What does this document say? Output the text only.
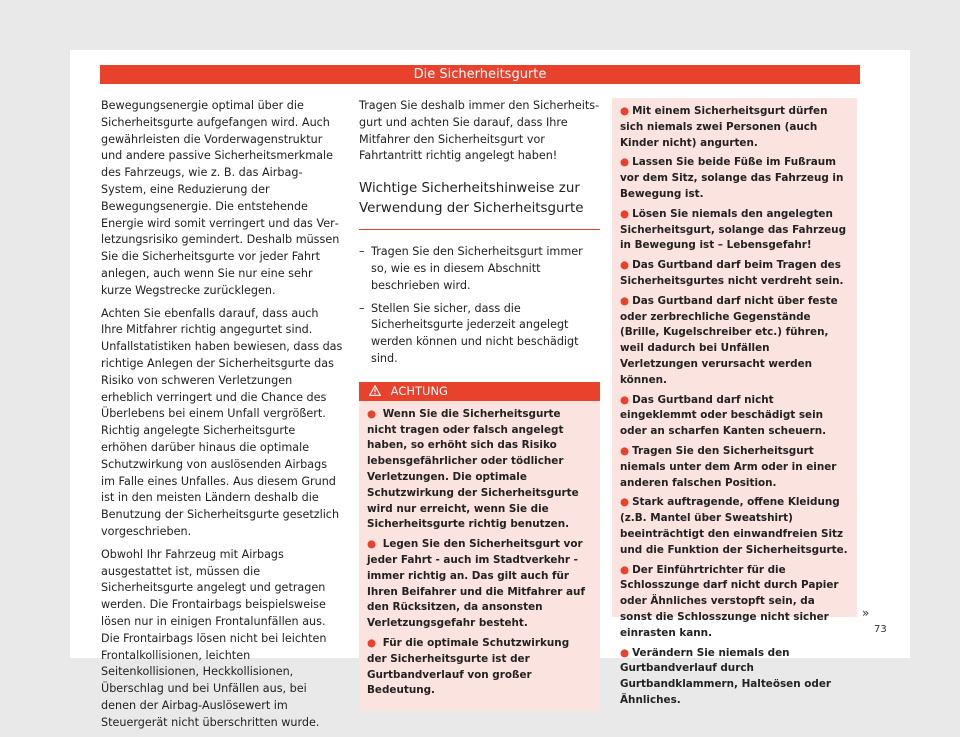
Die Sicherheitsgurte

Bewegungsenergie optimal über die Sicherheitsgurte aufgefangen wird. Auch gewährleisten die Vorderwagenstruktur und andere passive Sicherheitsmerkmale des Fahrzeugs, wie z. B. das Airbag-System, eine Reduzierung der Bewegungsenergie. Die entstehende Energie wird somit verringert und das Verletzungsrisiko gemindert. Deshalb müssen Sie die Sicherheitsgurte vor jeder Fahrt anlegen, auch wenn Sie nur eine sehr kurze Wegstrecke zurücklegen.

Achten Sie ebenfalls darauf, dass auch Ihre Mitfahrer richtig angegurtet sind. Unfallstatistiken haben bewiesen, dass das richtige Anlegen der Sicherheitsgurte das Risiko von schweren Verletzungen erheblich verringert und die Chance des Überlebens bei einem Unfall vergrößert. Richtig angelegte Sicherheitsgurte erhöhen darüber hinaus die optimale Schutzwirkung von auslösenden Airbags im Falle eines Unfalles. Aus diesem Grund ist in den meisten Ländern deshalb die Benutzung der Sicherheitsgurte gesetzlich vorgeschrieben.

Obwohl Ihr Fahrzeug mit Airbags ausgestattet ist, müssen die Sicherheitsgurte angelegt und getragen werden. Die Frontairbags beispielsweise lösen nur in einigen Frontalunfällen aus. Die Frontairbags lösen nicht bei leichten Frontalkollisionen, leichten Seitenkollisionen, Heckkollisionen, Überschlag und bei Unfällen aus, bei denen der Airbag-Auslösewert im Steuergerät nicht überschritten wurde.

Tragen Sie deshalb immer den Sicherheitsgurt und achten Sie darauf, dass Ihre Mitfahrer den Sicherheitsgurt vor Fahrtantritt richtig angelegt haben!

Wichtige Sicherheitshinweise zur Verwendung der Sicherheitsgurte
– Tragen Sie den Sicherheitsgurt immer so, wie es in diesem Abschnitt beschrieben wird.
– Stellen Sie sicher, dass die Sicherheitsgurte jederzeit angelegt werden können und nicht beschädigt sind.
ACHTUNG
● Wenn Sie die Sicherheitsgurte nicht tragen oder falsch angelegt haben, so erhöht sich das Risiko lebensgefährlicher oder tödlicher Verletzungen. Die optimale Schutzwirkung der Sicherheitsgurte wird nur erreicht, wenn Sie die Sicherheitsgurte richtig benutzen.
● Legen Sie den Sicherheitsgurt vor jeder Fahrt - auch im Stadtverkehr - immer richtig an. Das gilt auch für Ihren Beifahrer und die Mitfahrer auf den Rücksitzen, da ansonsten Verletzungsgefahr besteht.
● Für die optimale Schutzwirkung der Sicherheitsgurte ist der Gurtbandverlauf von großer Bedeutung.
● Mit einem Sicherheitsgurt dürfen sich niemals zwei Personen (auch Kinder nicht) angurten.
● Lassen Sie beide Füße im Fußraum vor dem Sitz, solange das Fahrzeug in Bewegung ist.
● Lösen Sie niemals den angelegten Sicherheitsgurt, solange das Fahrzeug in Bewegung ist – Lebensgefahr!
● Das Gurtband darf beim Tragen des Sicherheitsgurtes nicht verdreht sein.
● Das Gurtband darf nicht über feste oder zerbrechliche Gegenstände (Brille, Kugelschreiber etc.) führen, weil dadurch bei Unfällen Verletzungen verursacht werden können.
● Das Gurtband darf nicht eingeklemmt oder beschädigt sein oder an scharfen Kanten scheuern.
● Tragen Sie den Sicherheitsgurt niemals unter dem Arm oder in einer anderen falschen Position.
● Stark auftragende, offene Kleidung (z.B. Mantel über Sweatshirt) beeinträchtigt den einwandfreien Sitz und die Funktion der Sicherheitsgurte.
● Der Einführtrichter für die Schlosszunge darf nicht durch Papier oder Ähnliches verstopft sein, da sonst die Schlosszunge nicht sicher einrasten kann.
● Verändern Sie niemals den Gurtbandverlauf durch Gurtbandklammern, Halteösen oder Ähnliches.
»
73
